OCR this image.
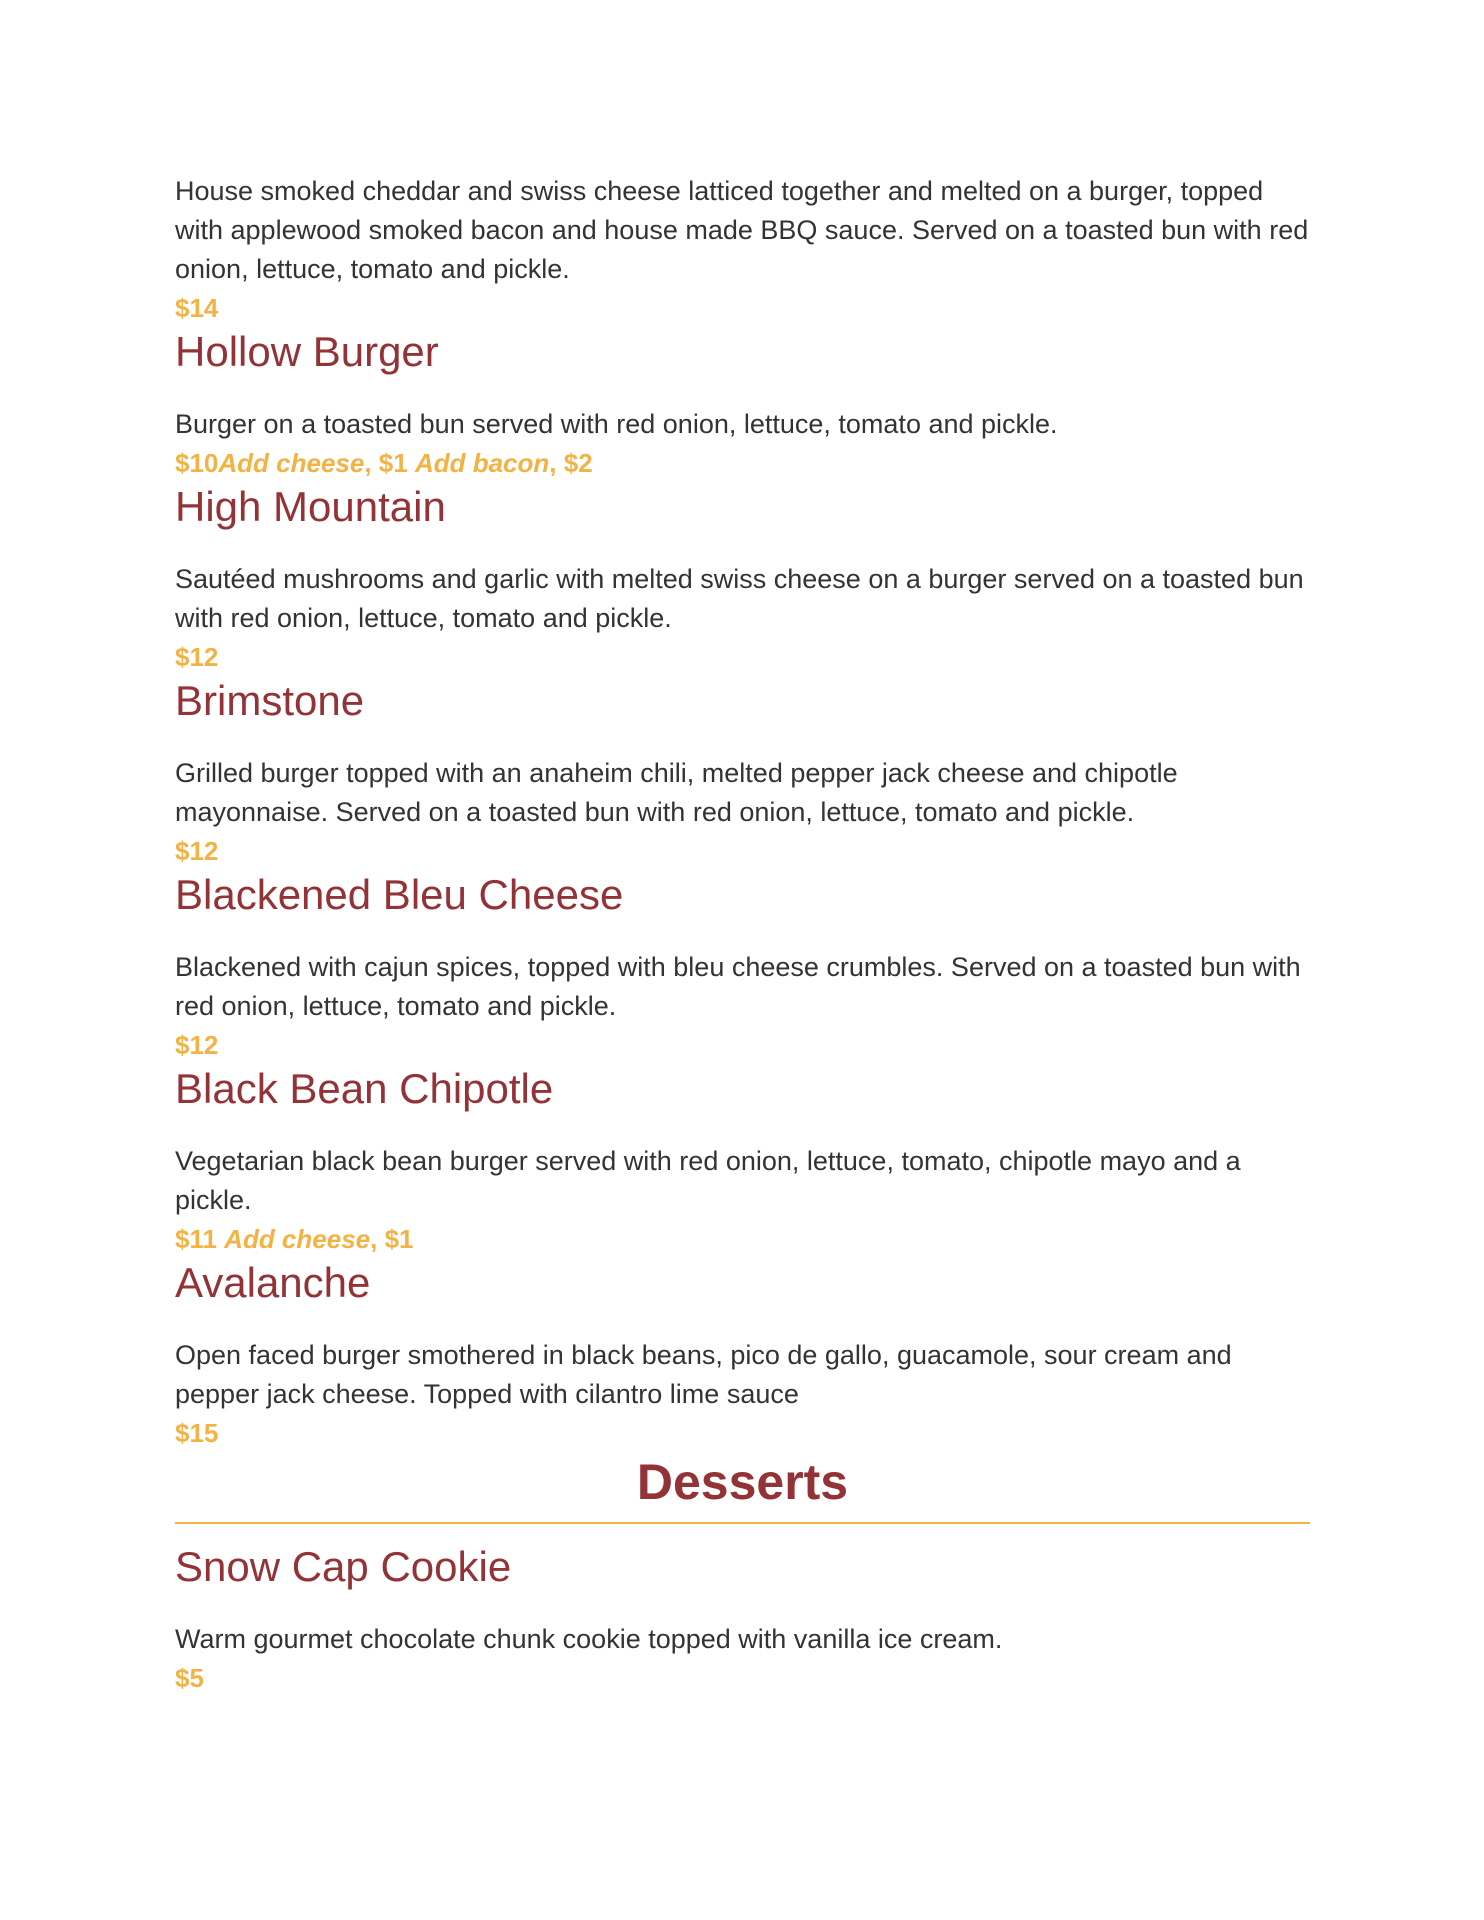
House smoked cheddar and swiss cheese latticed together and melted on a burger, topped with applewood smoked bacon and house made BBQ sauce. Served on a toasted bun with red onion, lettuce, tomato and pickle.

$14

Hollow Burger

Burger on a toasted bun served with red onion, lettuce, tomato and pickle.

$10Add cheese, $1 Add bacon, $2

High Mountain

Sautéed mushrooms and garlic with melted swiss cheese on a burger served on a toasted bun with red onion, lettuce, tomato and pickle.

$12

Brimstone

Grilled burger topped with an anaheim chili, melted pepper jack cheese and chipotle mayonnaise. Served on a toasted bun with red onion, lettuce, tomato and pickle.

$12

Blackened Bleu Cheese

Blackened with cajun spices, topped with bleu cheese crumbles. Served on a toasted bun with red onion, lettuce, tomato and pickle.

$12

Black Bean Chipotle

Vegetarian black bean burger served with red onion, lettuce, tomato, chipotle mayo and a pickle.

$11 Add cheese, $1

Avalanche

Open faced burger smothered in black beans, pico de gallo, guacamole, sour cream and pepper jack cheese. Topped with cilantro lime sauce

$15

Desserts
Snow Cap Cookie

Warm gourmet chocolate chunk cookie topped with vanilla ice cream.

$5
